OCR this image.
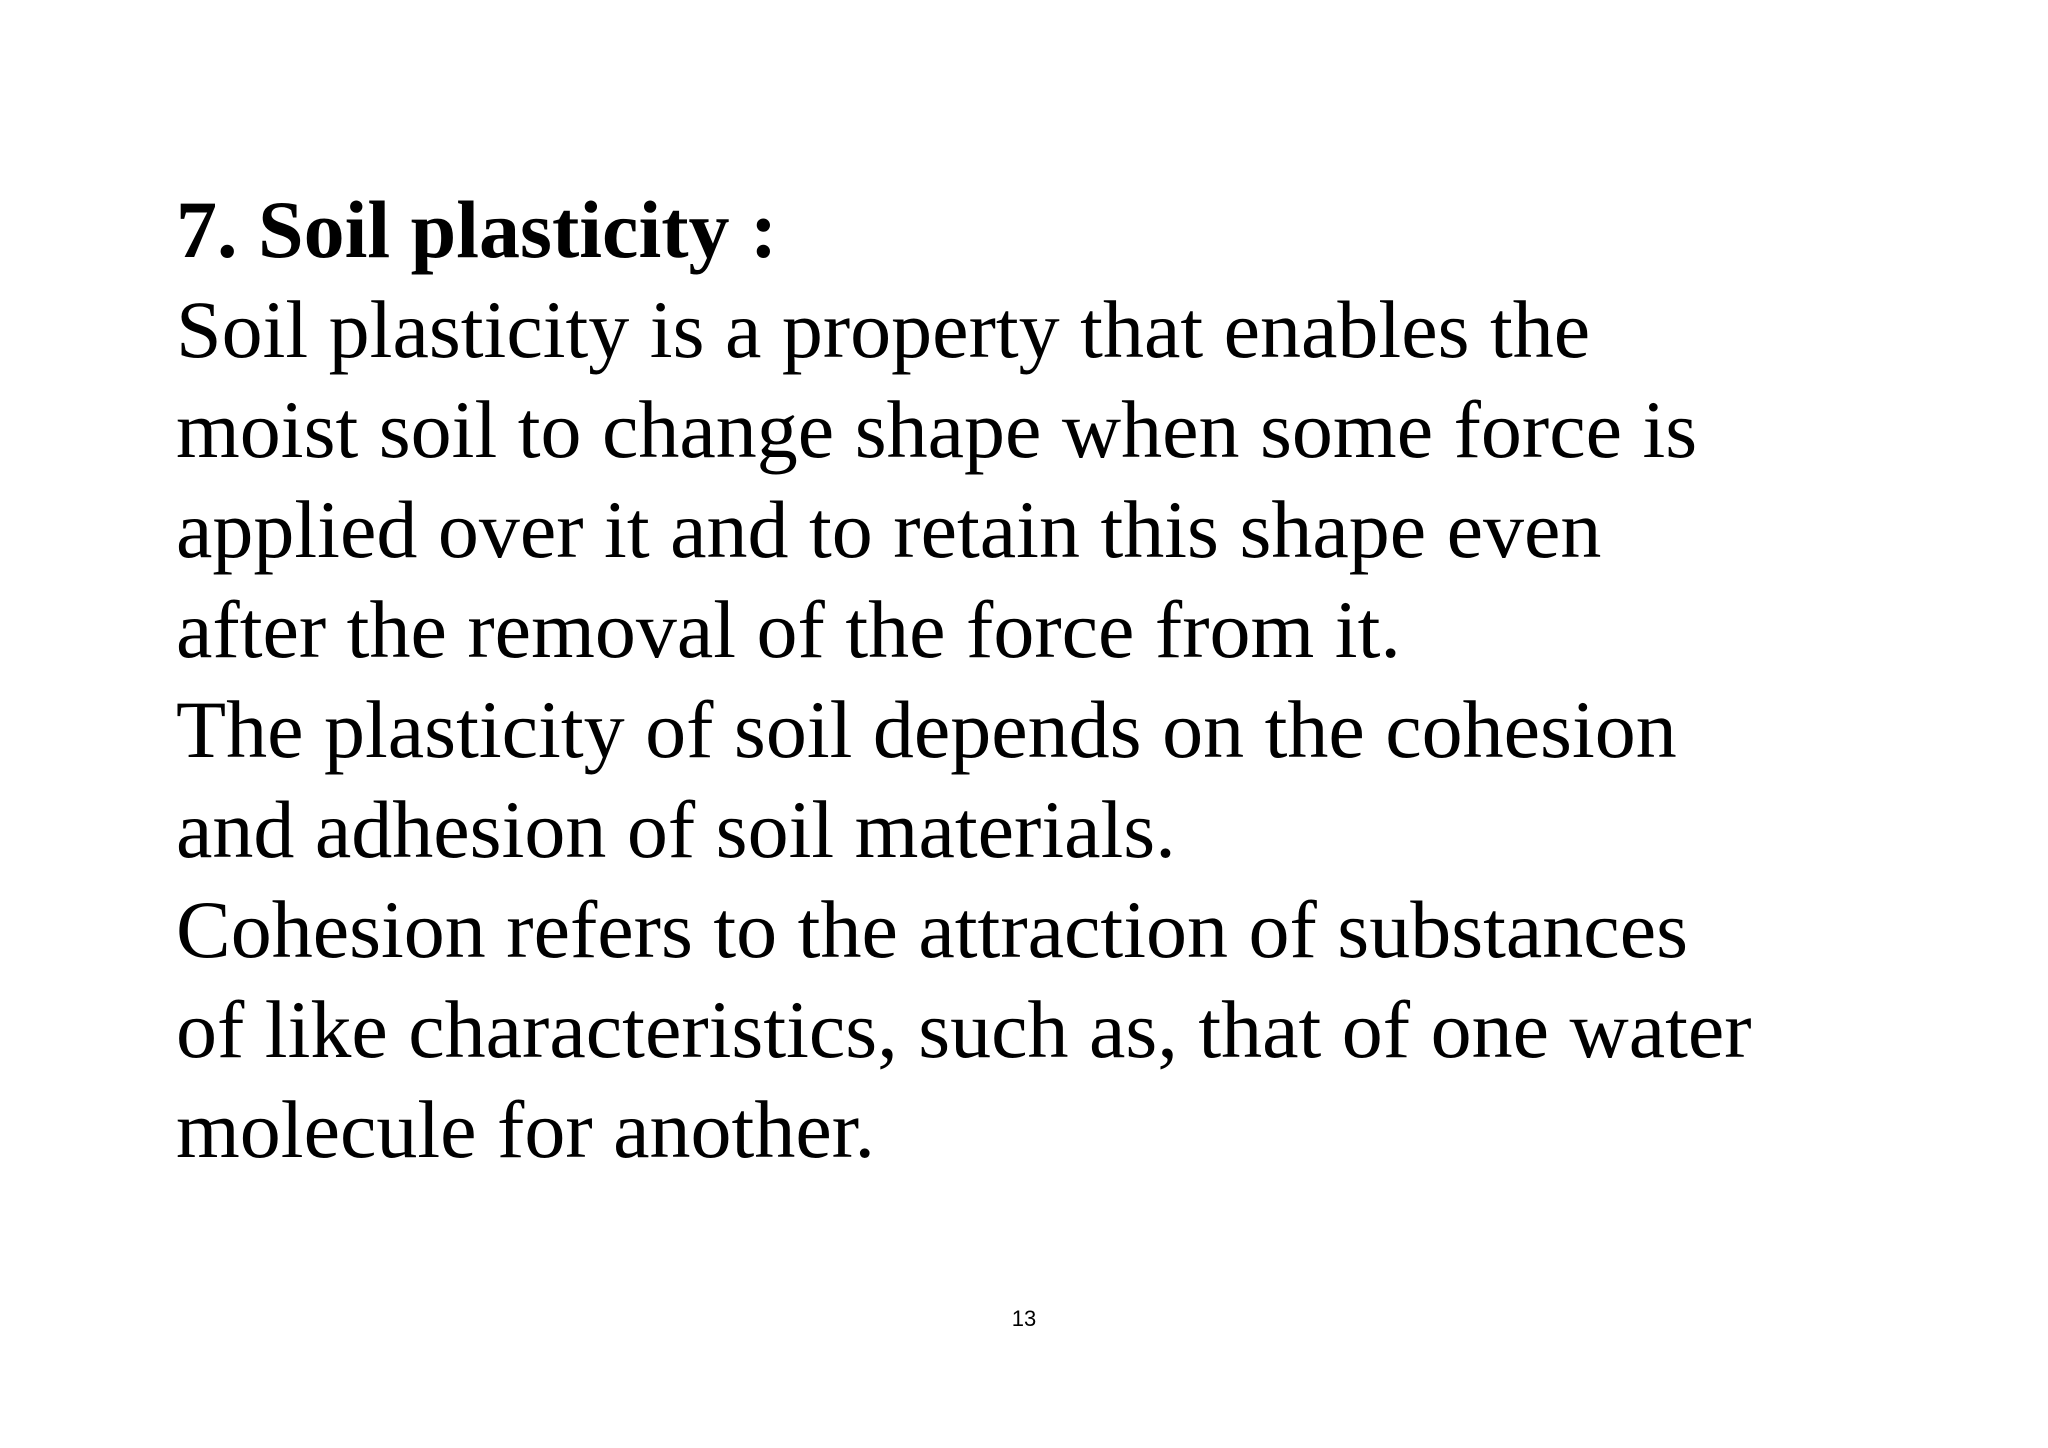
7. Soil plasticity :
Soil plasticity is a property that enables the
moist soil to change shape when some force is
applied over it and to retain this shape even
after the removal of the force from it.
The plasticity of soil depends on the cohesion
and adhesion of soil materials.
Cohesion refers to the attraction of substances
of like characteristics, such as, that of one water
molecule for another.
13
